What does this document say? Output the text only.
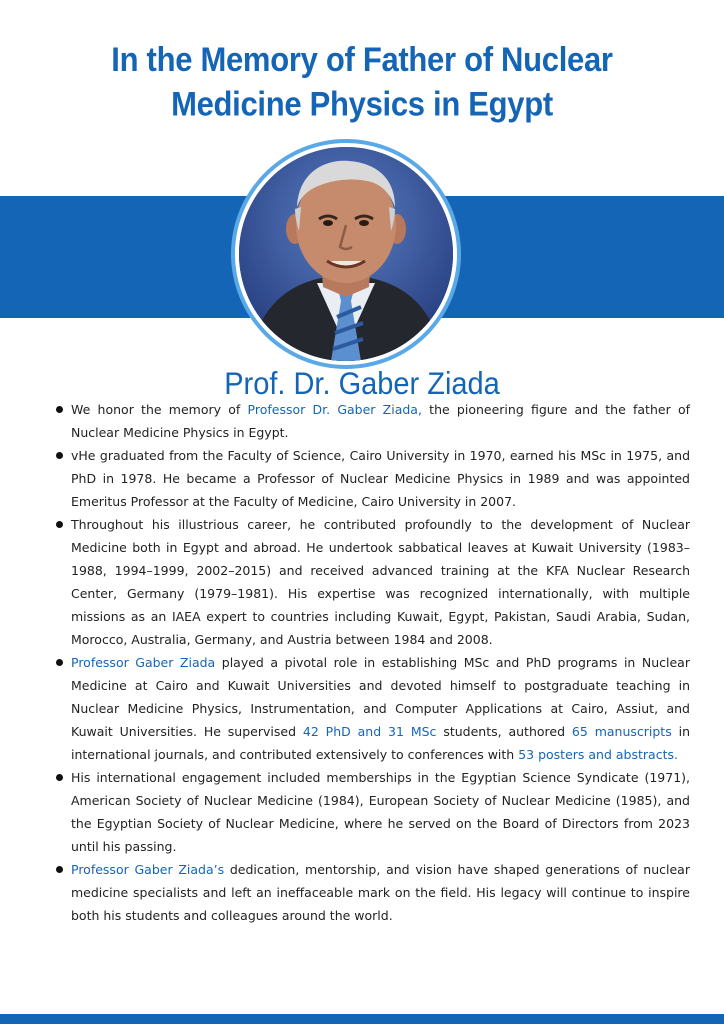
In the Memory of Father of Nuclear
Medicine Physics in Egypt
Prof. Dr. Gaber Ziada
We honor the memory of Professor Dr. Gaber Ziada, the pioneering figure and the father of Nuclear Medicine Physics in Egypt.
vHe graduated from the Faculty of Science, Cairo University in 1970, earned his MSc in 1975, and PhD in 1978. He became a Professor of Nuclear Medicine Physics in 1989 and was appointed Emeritus Professor at the Faculty of Medicine, Cairo University in 2007.
Throughout his illustrious career, he contributed profoundly to the development of Nuclear Medicine both in Egypt and abroad. He undertook sabbatical leaves at Kuwait University (1983–1988, 1994–1999, 2002–2015) and received advanced training at the KFA Nuclear Research Center, Germany (1979–1981). His expertise was recognized internationally, with multiple missions as an IAEA expert to countries including Kuwait, Egypt, Pakistan, Saudi Arabia, Sudan, Morocco, Australia, Germany, and Austria between 1984 and 2008.
Professor Gaber Ziada played a pivotal role in establishing MSc and PhD programs in Nuclear Medicine at Cairo and Kuwait Universities and devoted himself to postgraduate teaching in Nuclear Medicine Physics, Instrumentation, and Computer Applications at Cairo, Assiut, and Kuwait Universities. He supervised 42 PhD and 31 MSc students, authored 65 manuscripts in international journals, and contributed extensively to conferences with 53 posters and abstracts.
His international engagement included memberships in the Egyptian Science Syndicate (1971), American Society of Nuclear Medicine (1984), European Society of Nuclear Medicine (1985), and the Egyptian Society of Nuclear Medicine, where he served on the Board of Directors from 2023 until his passing.
Professor Gaber Ziada’s dedication, mentorship, and vision have shaped generations of nuclear medicine specialists and left an ineffaceable mark on the field. His legacy will continue to inspire both his students and colleagues around the world.
